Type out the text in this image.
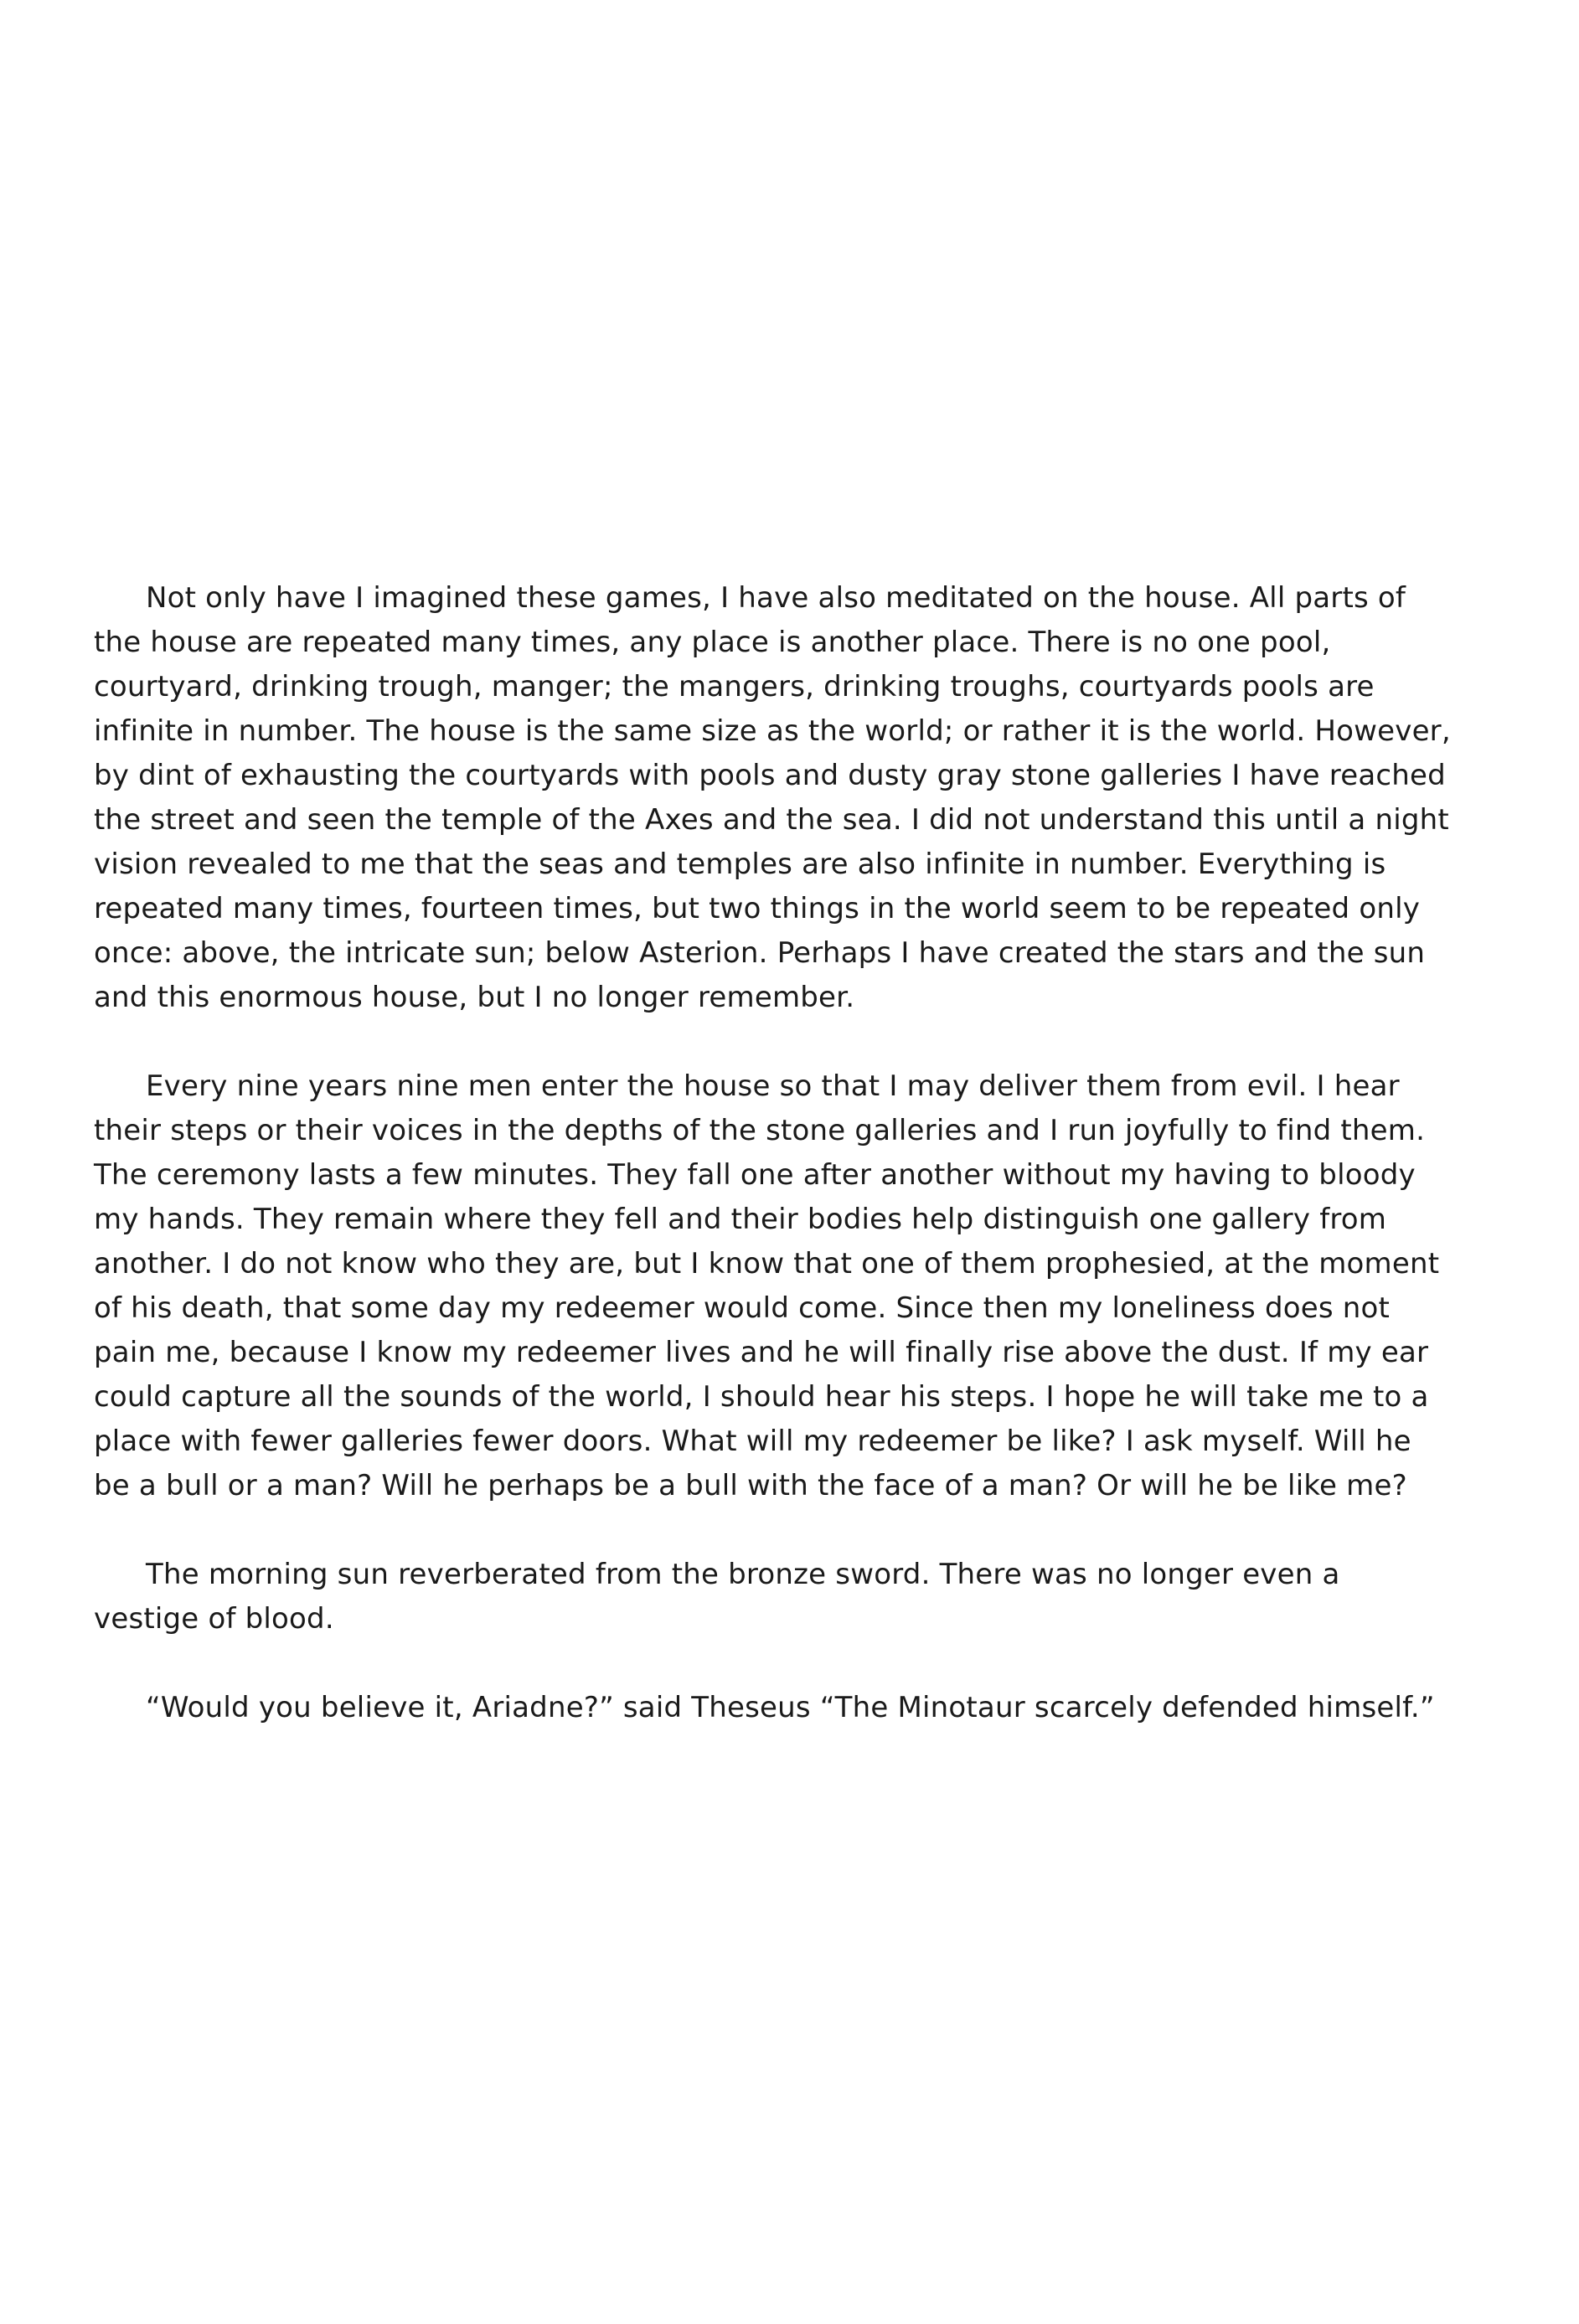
Not only have I imagined these games, I have also meditated on the house. All parts of the house are repeated many times, any place is another place. There is no one pool, courtyard, drinking trough, manger; the mangers, drinking troughs, courtyards pools are infinite in number. The house is the same size as the world; or rather it is the world. However, by dint of exhausting the courtyards with pools and dusty gray stone galleries I have reached the street and seen the temple of the Axes and the sea. I did not understand this until a night vision revealed to me that the seas and temples are also infinite in number. Everything is repeated many times, fourteen times, but two things in the world seem to be repeated only once: above, the intricate sun; below Asterion. Perhaps I have created the stars and the sun and this enormous house, but I no longer remember.

Every nine years nine men enter the house so that I may deliver them from evil. I hear their steps or their voices in the depths of the stone galleries and I run joyfully to find them. The ceremony lasts a few minutes. They fall one after another without my having to bloody my hands. They remain where they fell and their bodies help distinguish one gallery from another. I do not know who they are, but I know that one of them prophesied, at the moment of his death, that some day my redeemer would come. Since then my loneliness does not pain me, because I know my redeemer lives and he will finally rise above the dust. If my ear could capture all the sounds of the world, I should hear his steps. I hope he will take me to a place with fewer galleries fewer doors. What will my redeemer be like? I ask myself. Will he be a bull or a man? Will he perhaps be a bull with the face of a man? Or will he be like me?

The morning sun reverberated from the bronze sword. There was no longer even a vestige of blood.

“Would you believe it, Ariadne?” said Theseus “The Minotaur scarcely defended himself.”
